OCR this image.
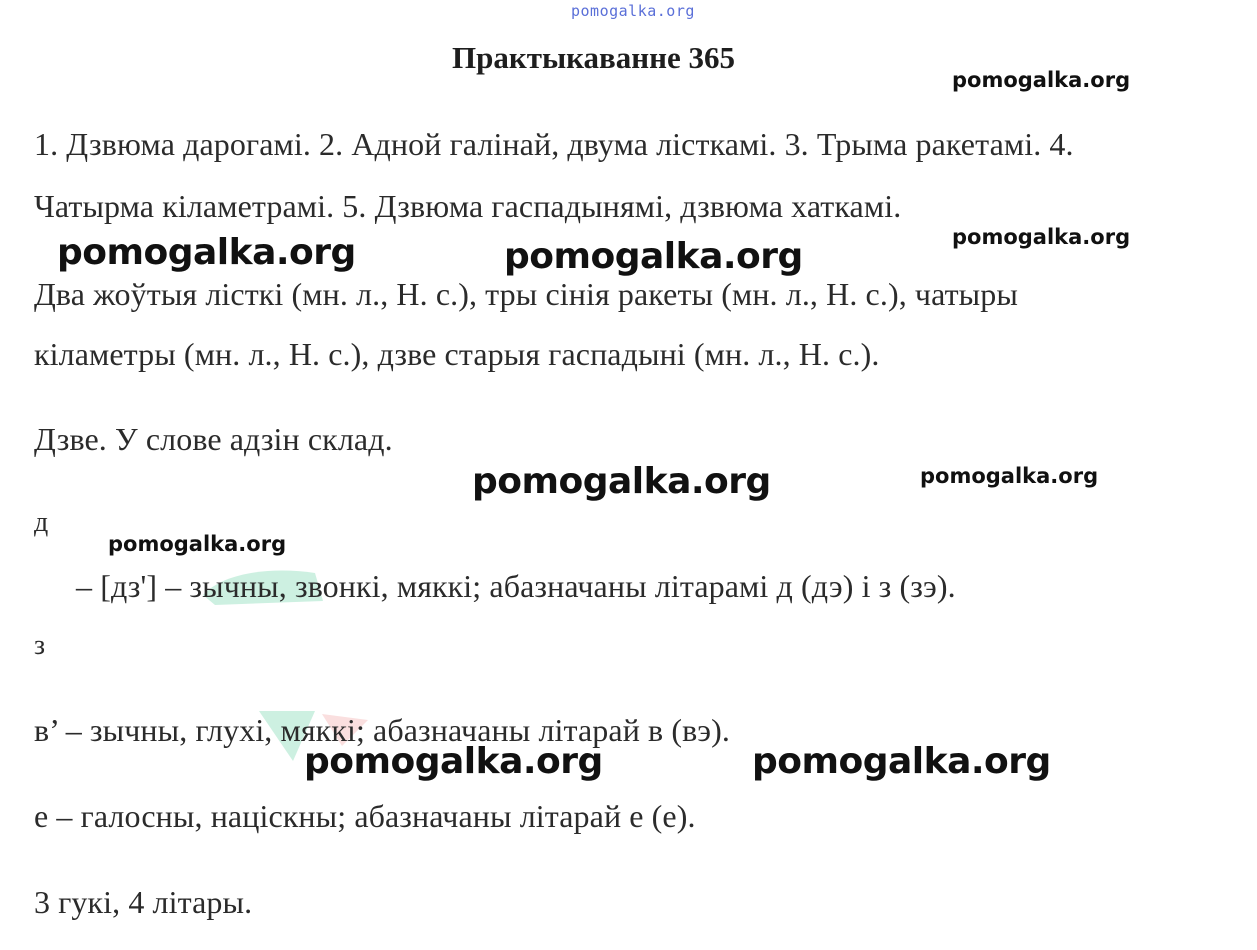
pomogalka.org
Практыкаванне 365
pomogalka.org
1. Дзвюма дарогамі. 2. Адной галінай, двума лісткамі. 3. Трыма ракетамі. 4.
Чатырма кіламетрамі. 5. Дзвюма гаспадынямі, дзвюма хаткамі.
pomogalka.org
pomogalka.org	pomogalka.org
Два жоўтыя лісткі (мн. л., Н. с.), тры сінія ракеты (мн. л., Н. с.), чатыры
кіламетры (мн. л., Н. с.), дзве старыя гаспадыні (мн. л., Н. с.).
Дзве. У слове адзін склад.
pomogalka.org	pomogalka.org
д
pomogalka.org
– [дз'] – зычны, звонкі, мяккі; абазначаны літарамі д (дэ) і з (зэ).
з
в’ – зычны, глухі, мяккі; абазначаны літарай в (вэ).
pomogalka.org	pomogalka.org
е – галосны, націскны; абазначаны літарай е (е).
3 гукі, 4 літары.
